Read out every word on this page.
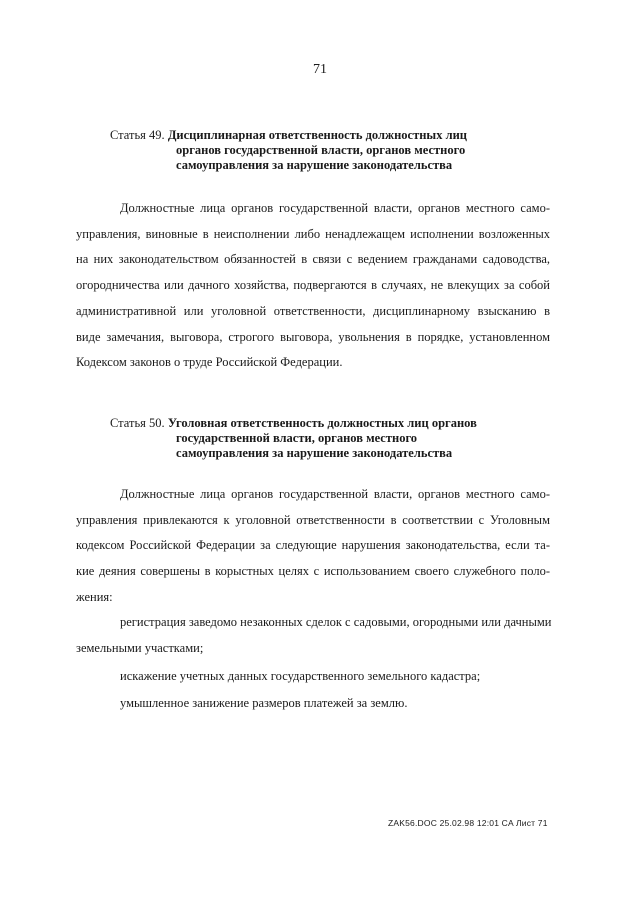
71
Статья 49. Дисциплинарная ответственность должностных лиц
органов государственной власти, органов местного
самоуправления за нарушение законодательства
Должностные лица органов государственной власти, органов местного само-
управления, виновные в неисполнении либо ненадлежащем исполнении возложенных
на них законодательством обязанностей в связи с ведением гражданами садоводства,
огородничества или дачного хозяйства, подвергаются в случаях, не влекущих за собой
административной или уголовной ответственности, дисциплинарному взысканию в
виде замечания, выговора, строгого выговора, увольнения в порядке, установленном
Кодексом законов о труде Российской Федерации.
Статья 50. Уголовная ответственность должностных лиц органов
государственной власти, органов местного
самоуправления за нарушение законодательства
Должностные лица органов государственной власти, органов местного само-
управления привлекаются к уголовной ответственности в соответствии с Уголовным
кодексом Российской Федерации за следующие нарушения законодательства, если та-
кие деяния совершены в корыстных целях с использованием своего служебного поло-
жения:
регистрация заведомо незаконных сделок с садовыми, огородными или дачными
земельными участками;
искажение учетных данных государственного земельного кадастра;
умышленное занижение размеров платежей за землю.
ZAK56.DOC 25.02.98 12:01 CA Лист 71
